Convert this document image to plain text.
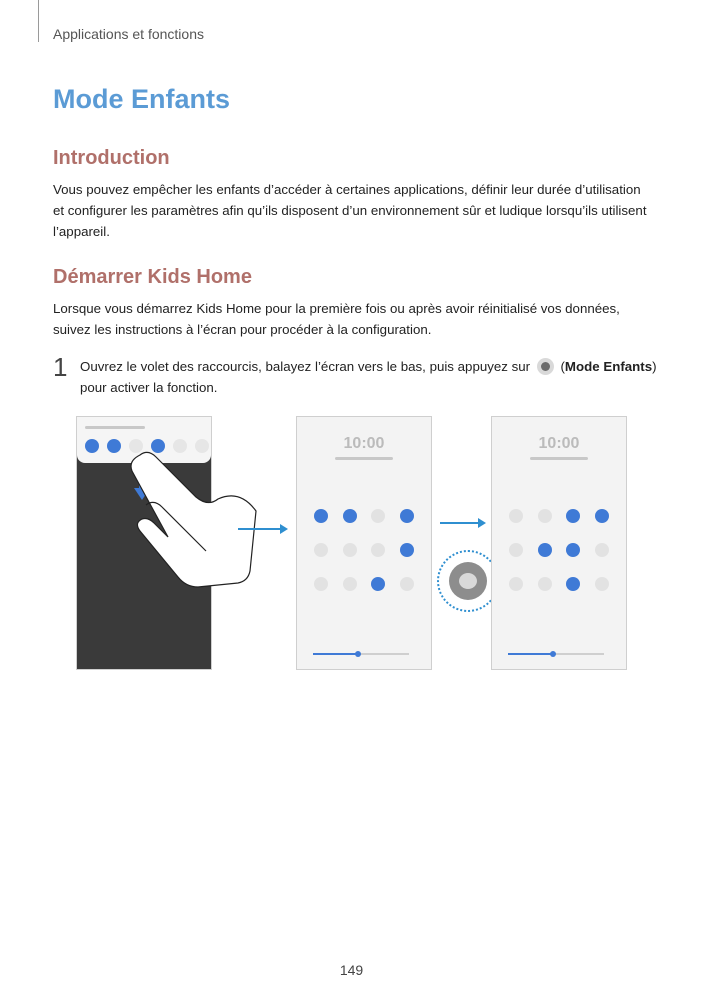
Applications et fonctions
Mode Enfants
Introduction

Vous pouvez empêcher les enfants d’accéder à certaines applications, définir leur durée d’utilisation et configurer les paramètres afin qu’ils disposent d’un environnement sûr et ludique lorsqu’ils utilisent l’appareil.

Démarrer Kids Home

Lorsque vous démarrez Kids Home pour la première fois ou après avoir réinitialisé vos données, suivez les instructions à l’écran pour procéder à la configuration.

1 Ouvrez le volet des raccourcis, balayez l’écran vers le bas, puis appuyez sur  (Mode Enfants) pour activer la fonction.
10:00	10:00
149
